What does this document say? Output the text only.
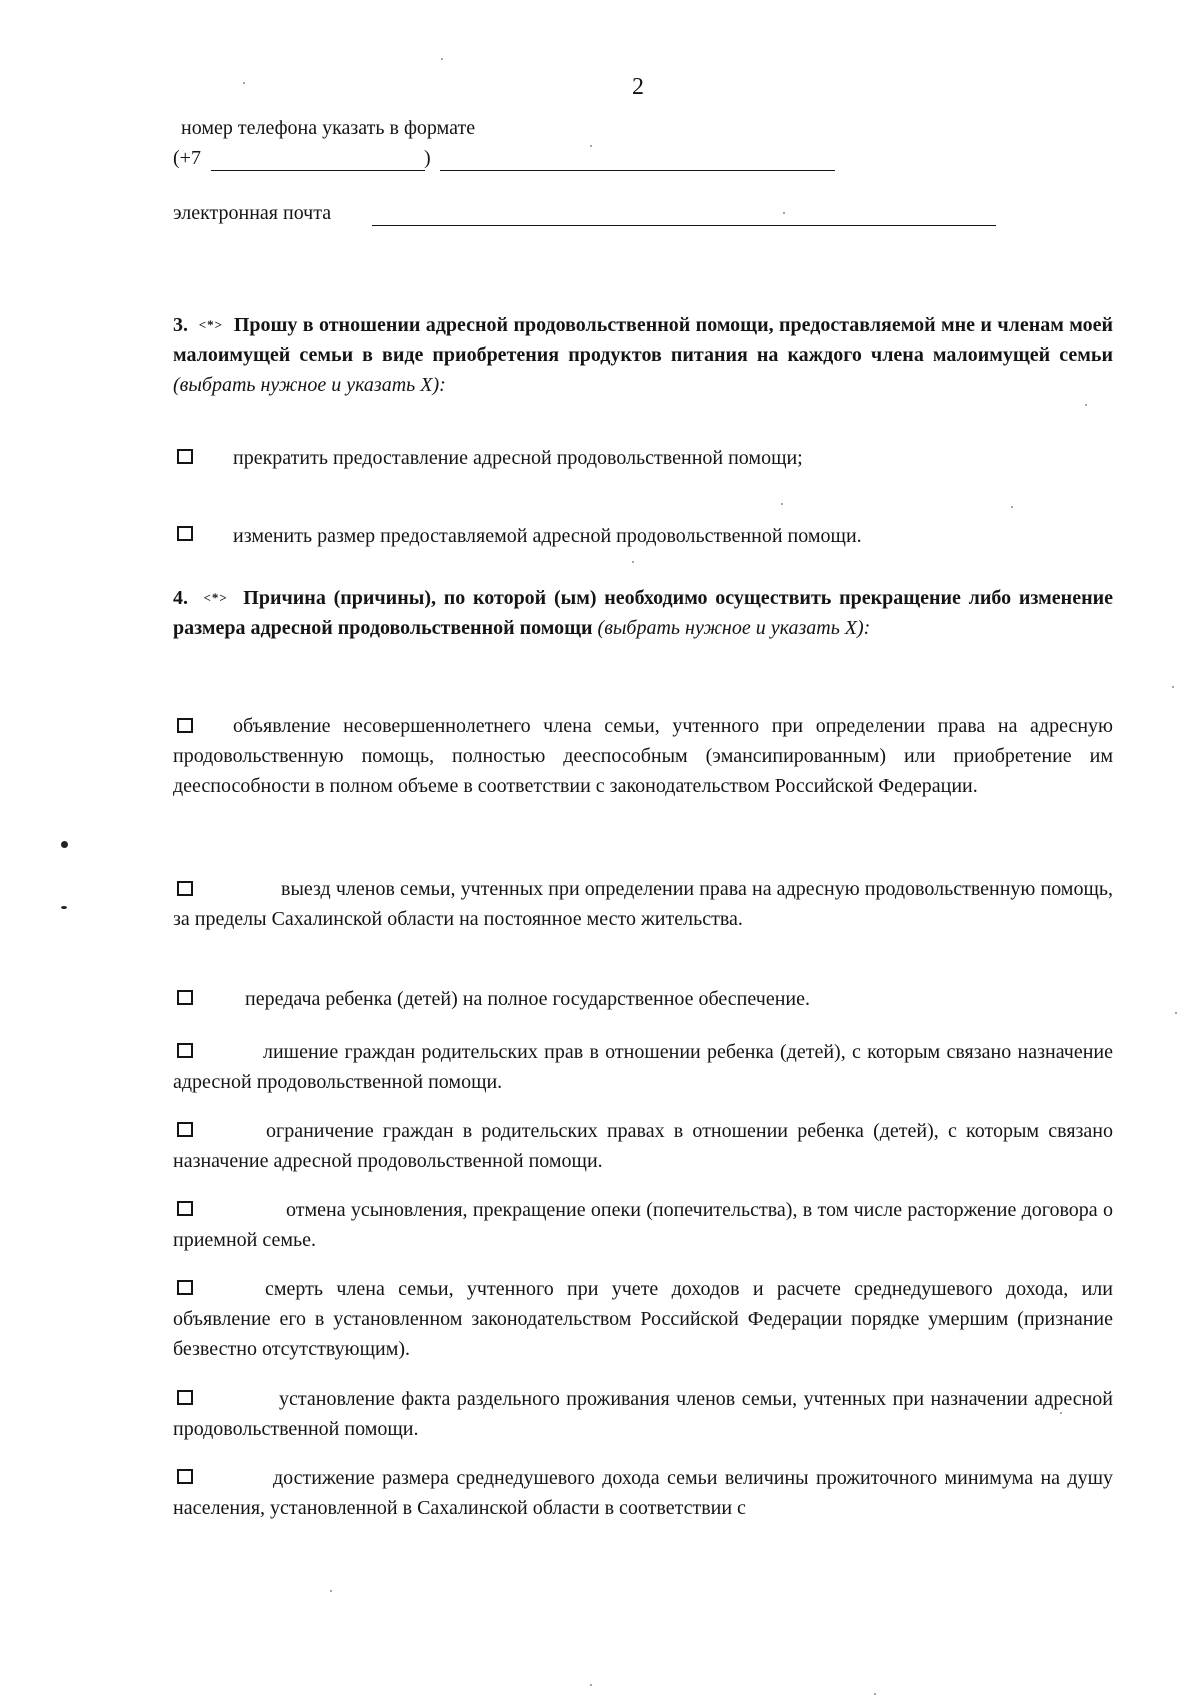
2
номер телефона указать в формате
(+7	)
электронная почта
3. <*> Прошу в отношении адресной продовольственной помощи, предоставляемой мне и членам моей малоимущей семьи в виде приобретения продуктов питания на каждого члена малоимущей семьи (выбрать нужное и указать Х):
прекратить предоставление адресной продовольственной помощи;
изменить размер предоставляемой адресной продовольственной помощи.
4. <*> Причина (причины), по которой (ым) необходимо осуществить прекращение либо изменение размера адресной продовольственной помощи (выбрать нужное и указать Х):
объявление несовершеннолетнего члена семьи, учтенного при определении права на адресную продовольственную помощь, полностью дееспособным (эмансипированным) или приобретение им дееспособности в полном объеме в соответствии с законодательством Российской Федерации.
выезд членов семьи, учтенных при определении права на адресную продовольственную помощь, за пределы Сахалинской области на постоянное место жительства.
передача ребенка (детей) на полное государственное обеспечение.
лишение граждан родительских прав в отношении ребенка (детей), с которым связано назначение адресной продовольственной помощи.
ограничение граждан в родительских правах в отношении ребенка (детей), с которым связано назначение адресной продовольственной помощи.
отмена усыновления, прекращение опеки (попечительства), в том числе расторжение договора о приемной семье.
смерть члена семьи, учтенного при учете доходов и расчете среднедушевого дохода, или объявление его в установленном законодательством Российской Федерации порядке умершим (признание безвестно отсутствующим).
установление факта раздельного проживания членов семьи, учтенных при назначении адресной продовольственной помощи.
достижение размера среднедушевого дохода семьи величины прожиточного минимума на душу населения, установленной в Сахалинской области в соответствии с
